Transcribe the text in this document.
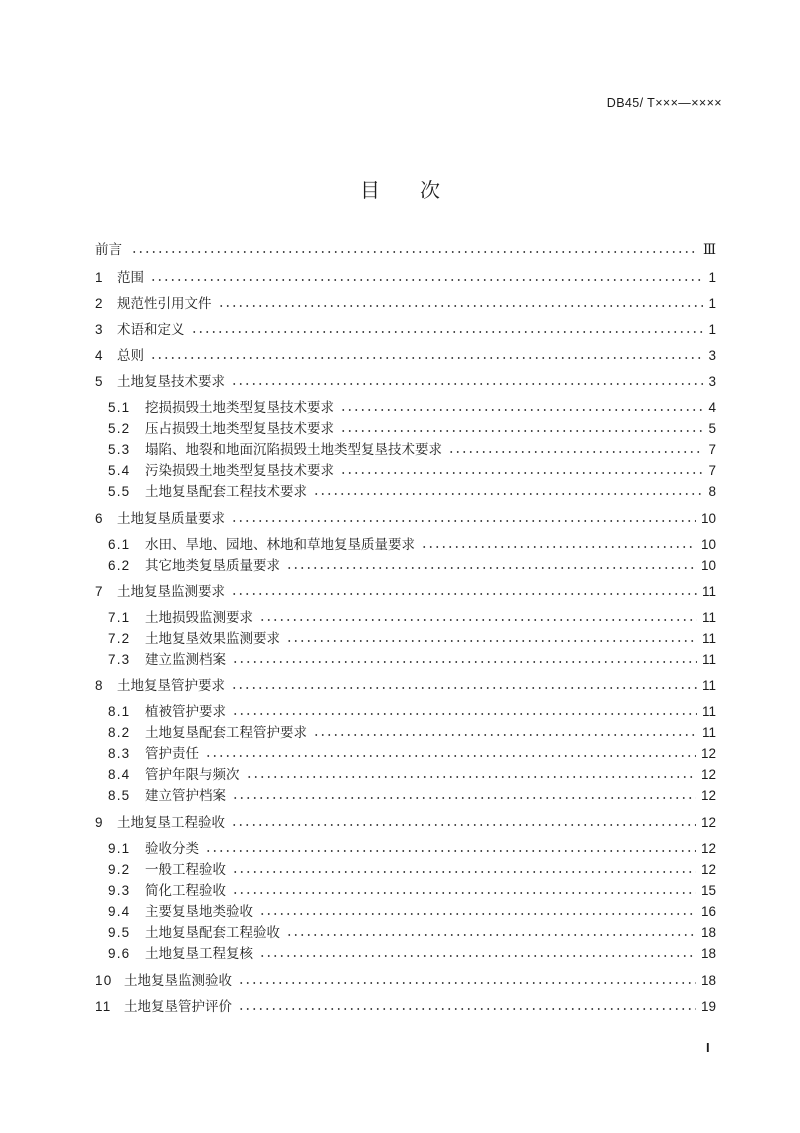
DB45/ T×××—××××
目　　次
前言	Ⅲ
1 范围	1
2 规范性引用文件	1
3 术语和定义	1
4 总则	3
5 土地复垦技术要求	3
5.1	挖损损毁土地类型复垦技术要求	4
5.2	压占损毁土地类型复垦技术要求	5
5.3	塌陷、地裂和地面沉陷损毁土地类型复垦技术要求	7
5.4	污染损毁土地类型复垦技术要求	7
5.5	土地复垦配套工程技术要求	8
6 土地复垦质量要求	10
6.1	水田、旱地、园地、林地和草地复垦质量要求	10
6.2	其它地类复垦质量要求	10
7 土地复垦监测要求	11
7.1	土地损毁监测要求	11
7.2	土地复垦效果监测要求	11
7.3	建立监测档案	11
8 土地复垦管护要求	11
8.1	植被管护要求	11
8.2	土地复垦配套工程管护要求	11
8.3	管护责任	12
8.4	管护年限与频次	12
8.5	建立管护档案	12
9 土地复垦工程验收	12
9.1	验收分类	12
9.2	一般工程验收	12
9.3	简化工程验收	15
9.4	主要复垦地类验收	16
9.5	土地复垦配套工程验收	18
9.6	土地复垦工程复核	18
10 土地复垦监测验收	18
11 土地复垦管护评价	19
I
